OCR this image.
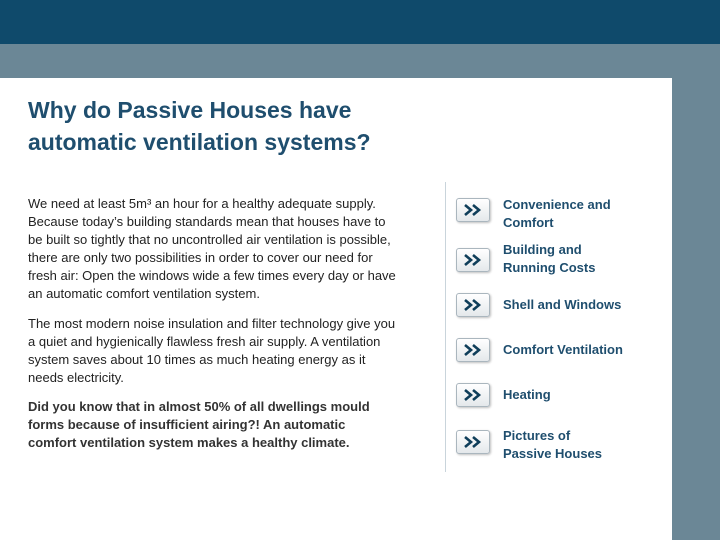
Why do Passive Houses have
automatic ventilation systems?

We need at least 5m³ an hour for a healthy adequate supply.
Because today’s building standards mean that houses have to
be built so tightly that no uncontrolled air ventilation is possible,
there are only two possibilities in order to cover our need for
fresh air: Open the windows wide a few times every day or have
an automatic comfort ventilation system.

The most modern noise insulation and filter technology give you
a quiet and hygienically flawless fresh air supply. A ventilation
system saves about 10 times as much heating energy as it
needs electricity.

Did you know that in almost 50% of all dwellings mould
forms because of insufficient airing?! An automatic
comfort ventilation system makes a healthy climate.

Convenience and
Comfort
Building and
Running Costs
Shell and Windows
Comfort Ventilation
Heating
Pictures of
Passive Houses
